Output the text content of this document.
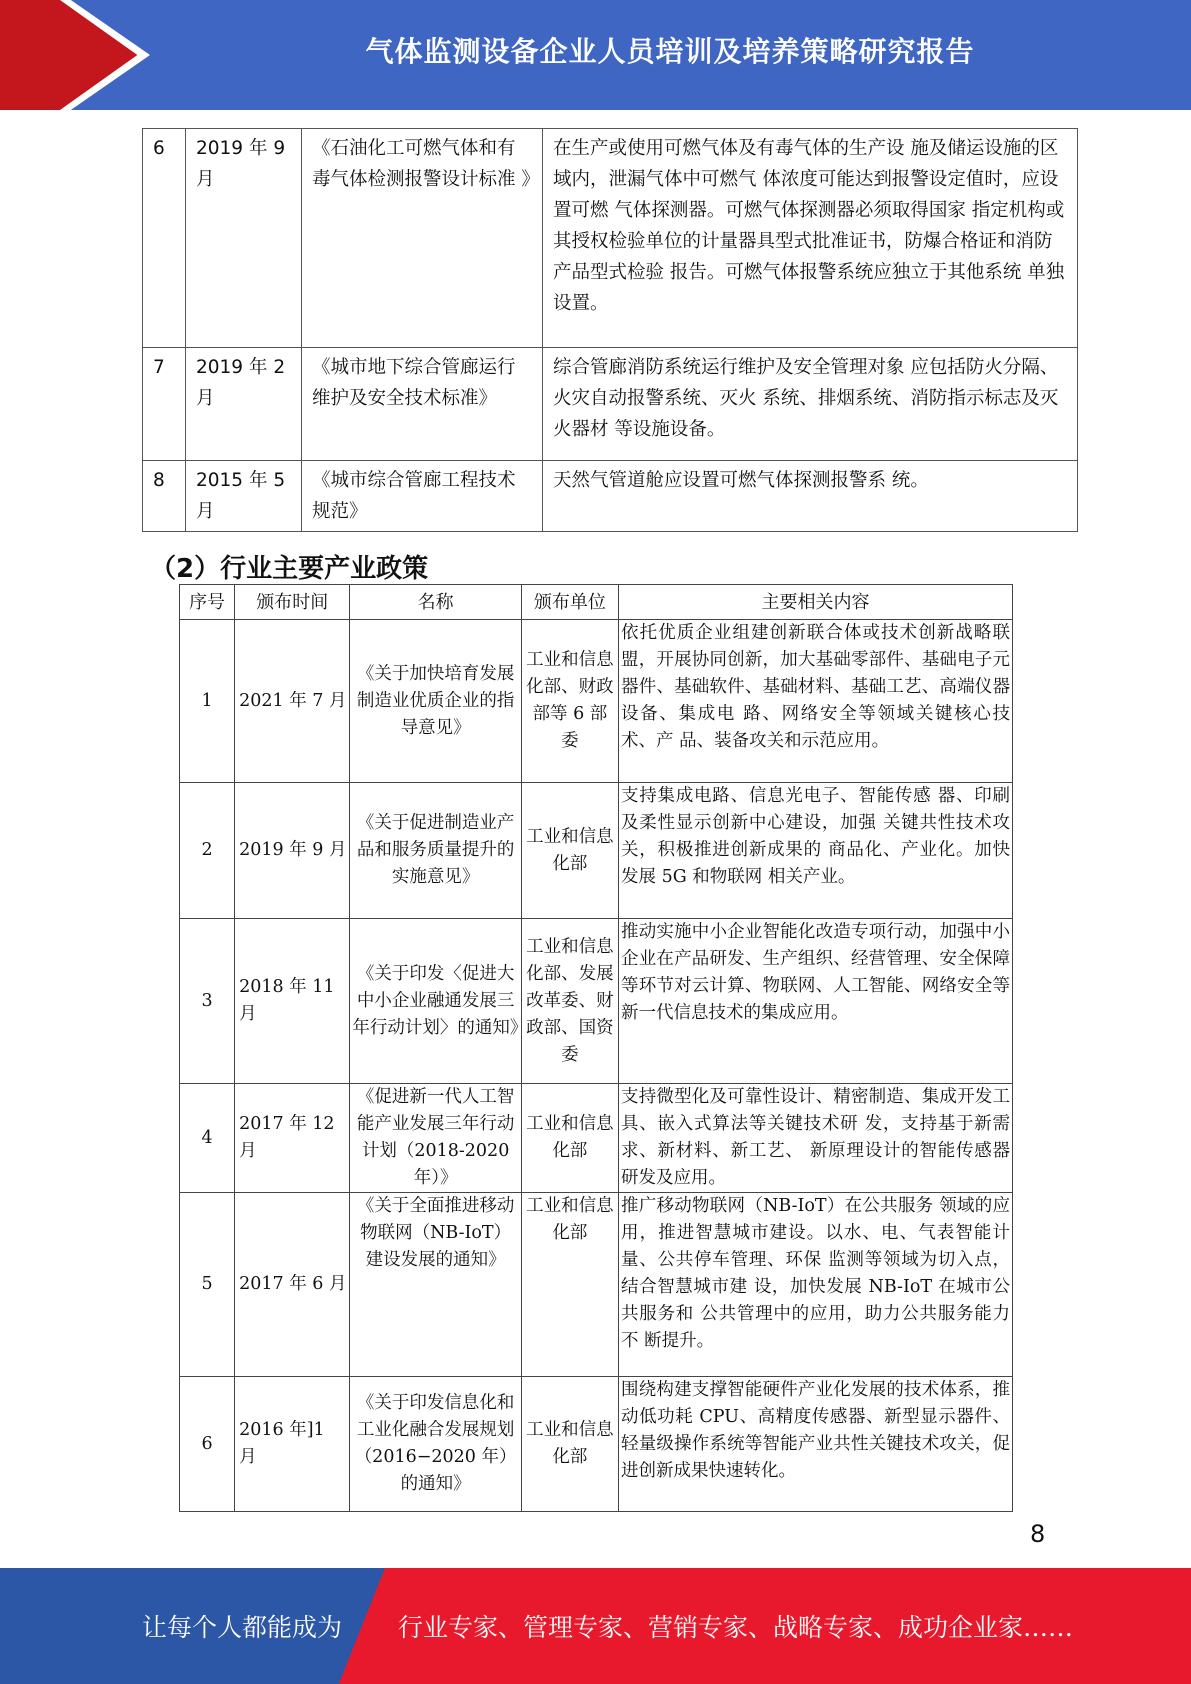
气体监测设备企业人员培训及培养策略研究报告
6	2019 年 9 月	《石油化工可燃气体和有 毒气体检测报警设计标准 》	在生产或使用可燃气体及有毒气体的生产设 施及储运设施的区域内，泄漏气体中可燃气 体浓度可能达到报警设定值时，应设置可燃 气体探测器。可燃气体探测器必须取得国家 指定机构或其授权检验单位的计量器具型式批准证书，防爆合格证和消防产品型式检验 报告。可燃气体报警系统应独立于其他系统 单独设置。
7	2019 年 2 月	《城市地下综合管廊运行 维护及安全技术标准》	综合管廊消防系统运行维护及安全管理对象 应包括防火分隔、火灾自动报警系统、灭火 系统、排烟系统、消防指示标志及灭火器材 等设施设备。
8	2015 年 5 月	《城市综合管廊工程技术 规范》	天然气管道舱应设置可燃气体探测报警系 统。
（2）行业主要产业政策
序号	颁布时间	名称	颁布单位	主要相关内容
1	2021 年 7 月	《关于加快培育发展制造业优质企业的指导意见》	工业和信息化部、财政部等 6 部委	依托优质企业组建创新联合体或技术创新战略联盟，开展协同创新，加大基础零部件、基础电子元器件、基础软件、基础材料、基础工艺、高端仪器设备、集成电 路、网络安全等领域关键核心技术、产 品、装备攻关和示范应用。
2	2019 年 9 月	《关于促进制造业产品和服务质量提升的实施意见》	工业和信息化部	支持集成电路、信息光电子、智能传感 器、印刷及柔性显示创新中心建设，加强 关键共性技术攻关，积极推进创新成果的 商品化、产业化。加快发展 5G 和物联网 相关产业。
3	2018 年 11 月	《关于印发〈促进大中小企业融通发展三年行动计划〉的通知》	工业和信息化部、发展改革委、财政部、国资委	推动实施中小企业智能化改造专项行动，加强中小企业在产品研发、生产组织、经营管理、安全保障等环节对云计算、物联网、人工智能、网络安全等新一代信息技术的集成应用。
4	2017 年 12 月	《促进新一代人工智能产业发展三年行动计划（2018-2020 年）》	工业和信息化部	支持微型化及可靠性设计、精密制造、集成开发工具、嵌入式算法等关键技术研 发，支持基于新需求、新材料、新工艺、 新原理设计的智能传感器研发及应用。
5	2017 年 6 月	《关于全面推进移动物联网（NB-IoT）建设发展的通知》	工业和信息化部	推广移动物联网（NB-IoT）在公共服务 领域的应用，推进智慧城市建设。以水、电、气表智能计量、公共停车管理、环保 监测等领域为切入点，结合智慧城市建 设，加快发展 NB-IoT 在城市公共服务和 公共管理中的应用，助力公共服务能力不 断提升。
6	2016 年]1 月	《关于印发信息化和工业化融合发展规划（2016−2020 年）的通知》	工业和信息化部	围绕构建支撑智能硬件产业化发展的技术体系，推动低功耗 CPU、高精度传感器、新型显示器件、轻量级操作系统等智能产业共性关键技术攻关，促进创新成果快速转化。
8
让每个人都能成为 行业专家、管理专家、营销专家、战略专家、成功企业家……
